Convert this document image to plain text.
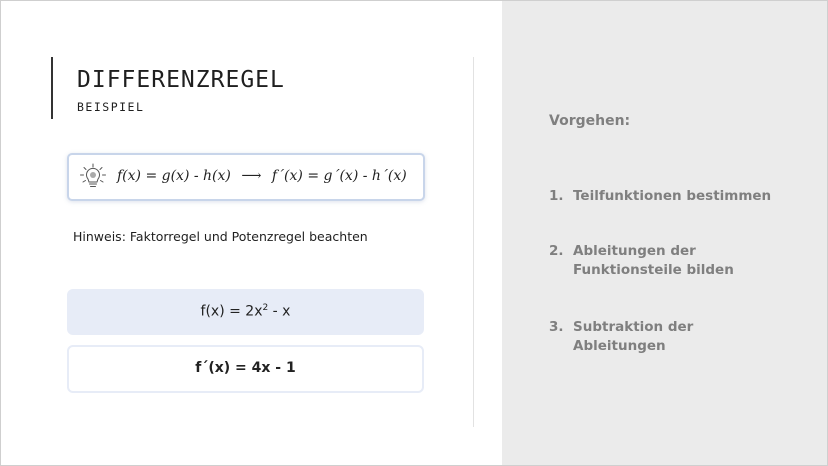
DIFFERENZREGEL
BEISPIEL
f(x) = g(x) - h(x) ⟶ f´(x) = g´(x) - h´(x)
Hinweis: Faktorregel und Potenzregel beachten
$f(x) = 2x^2 - x$
f´(x) = 4x - 1
Vorgehen:
1. Teilfunktionen bestimmen
2. Ableitungen der
Funktionsteile bilden
3. Subtraktion der
Ableitungen
